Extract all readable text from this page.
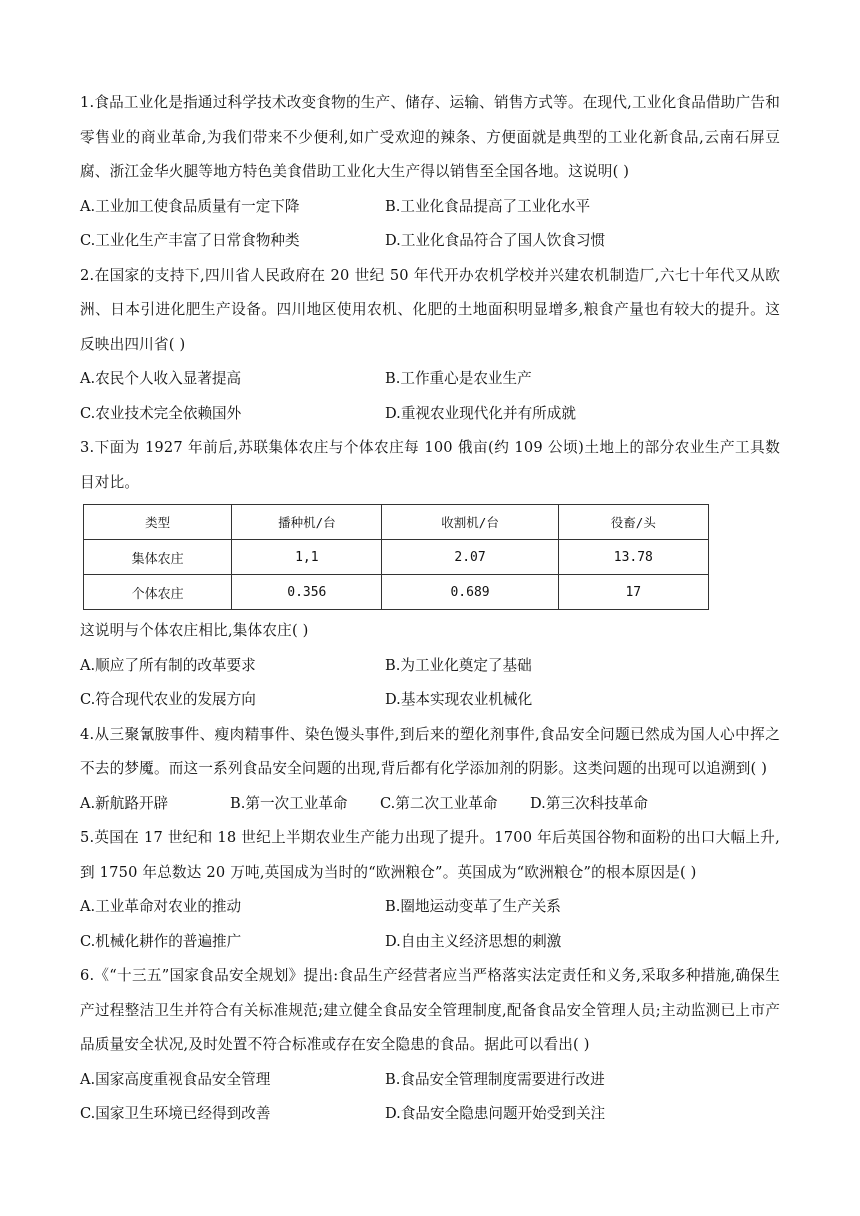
1.食品工业化是指通过科学技术改变食物的生产、储存、运输、销售方式等。在现代,工业化食品借助广告和零售业的商业革命,为我们带来不少便利,如广受欢迎的辣条、方便面就是典型的工业化新食品,云南石屏豆腐、浙江金华火腿等地方特色美食借助工业化大生产得以销售至全国各地。这说明( )

A.工业加工使食品质量有一定下降	B.工业化食品提高了工业化水平
C.工业化生产丰富了日常食物种类	D.工业化食品符合了国人饮食习惯

2.在国家的支持下,四川省人民政府在 20 世纪 50 年代开办农机学校并兴建农机制造厂,六七十年代又从欧洲、日本引进化肥生产设备。四川地区使用农机、化肥的土地面积明显增多,粮食产量也有较大的提升。这反映出四川省( )

A.农民个人收入显著提高	B.工作重心是农业生产
C.农业技术完全依赖国外	D.重视农业现代化并有所成就

3.下面为 1927 年前后,苏联集体农庄与个体农庄每 100 俄亩(约 109 公顷)土地上的部分农业生产工具数目对比。

类型	播种机/台	收割机/台	役畜/头
集体农庄	1,1	2.07	13.78
个体农庄	0.356	0.689	17

这说明与个体农庄相比,集体农庄( )

A.顺应了所有制的改革要求	B.为工业化奠定了基础
C.符合现代农业的发展方向	D.基本实现农业机械化

4.从三聚氰胺事件、瘦肉精事件、染色馒头事件,到后来的塑化剂事件,食品安全问题已然成为国人心中挥之不去的梦魇。而这一系列食品安全问题的出现,背后都有化学添加剂的阴影。这类问题的出现可以追溯到( )

A.新航路开辟	B.第一次工业革命	C.第二次工业革命	D.第三次科技革命

5.英国在 17 世纪和 18 世纪上半期农业生产能力出现了提升。1700 年后英国谷物和面粉的出口大幅上升,到 1750 年总数达 20 万吨,英国成为当时的“欧洲粮仓”。英国成为“欧洲粮仓”的根本原因是( )

A.工业革命对农业的推动	B.圈地运动变革了生产关系
C.机械化耕作的普遍推广	D.自由主义经济思想的刺激

6.《“十三五”国家食品安全规划》提出:食品生产经营者应当严格落实法定责任和义务,采取多种措施,确保生产过程整洁卫生并符合有关标准规范;建立健全食品安全管理制度,配备食品安全管理人员;主动监测已上市产品质量安全状况,及时处置不符合标准或存在安全隐患的食品。据此可以看出( )

A.国家高度重视食品安全管理	B.食品安全管理制度需要进行改进
C.国家卫生环境已经得到改善	D.食品安全隐患问题开始受到关注
